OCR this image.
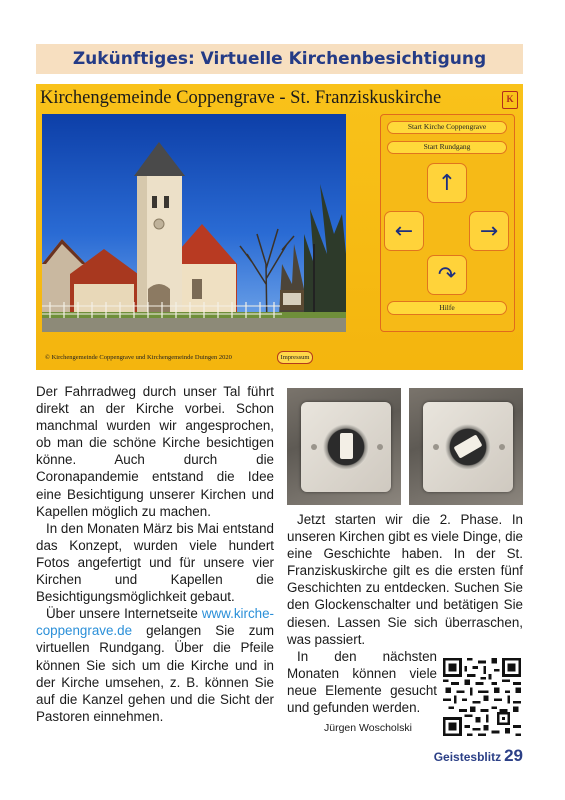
Zukünftiges: Virtuelle Kirchenbesichtigung
Kirchengemeinde Coppengrave - St. Franziskuskirche	K
Start Kirche Coppengrave
Start Rundgang
↑
←	→
↷
Hilfe
© Kirchengemeinde Coppengrave und Kirchengemeinde Duingen 2020	Impressum

Der Fahrradweg durch unser Tal führt direkt an der Kirche vorbei. Schon manchmal wurden wir angesprochen, ob man die schöne Kirche besichtigen könne. Auch durch die Coronapandemie entstand die Idee eine Besichtigung unserer Kirchen und Kapellen möglich zu machen.

In den Monaten März bis Mai entstand das Konzept, wurden viele hundert Fotos angefertigt und für unsere vier Kirchen und Kapellen die Besichtigungsmöglichkeit gebaut.

Über unsere Internetseite www.kirche-coppengrave.de gelangen Sie zum virtuellen Rundgang. Über die Pfeile können Sie sich um die Kirche und in der Kirche umsehen, z. B. können Sie auf die Kanzel gehen und die Sicht der Pastoren einnehmen.

Jetzt starten wir die 2. Phase. In unseren Kirchen gibt es viele Dinge, die eine Geschichte haben. In der St. Franziskuskirche gilt es die ersten fünf Geschichten zu entdecken. Suchen Sie den Glockenschalter und betätigen Sie diesen. Lassen Sie sich überraschen, was passiert.

In den nächsten Monaten können viele neue Elemente gesucht und gefunden werden.

Jürgen Woscholski
Geistesblitz 29
